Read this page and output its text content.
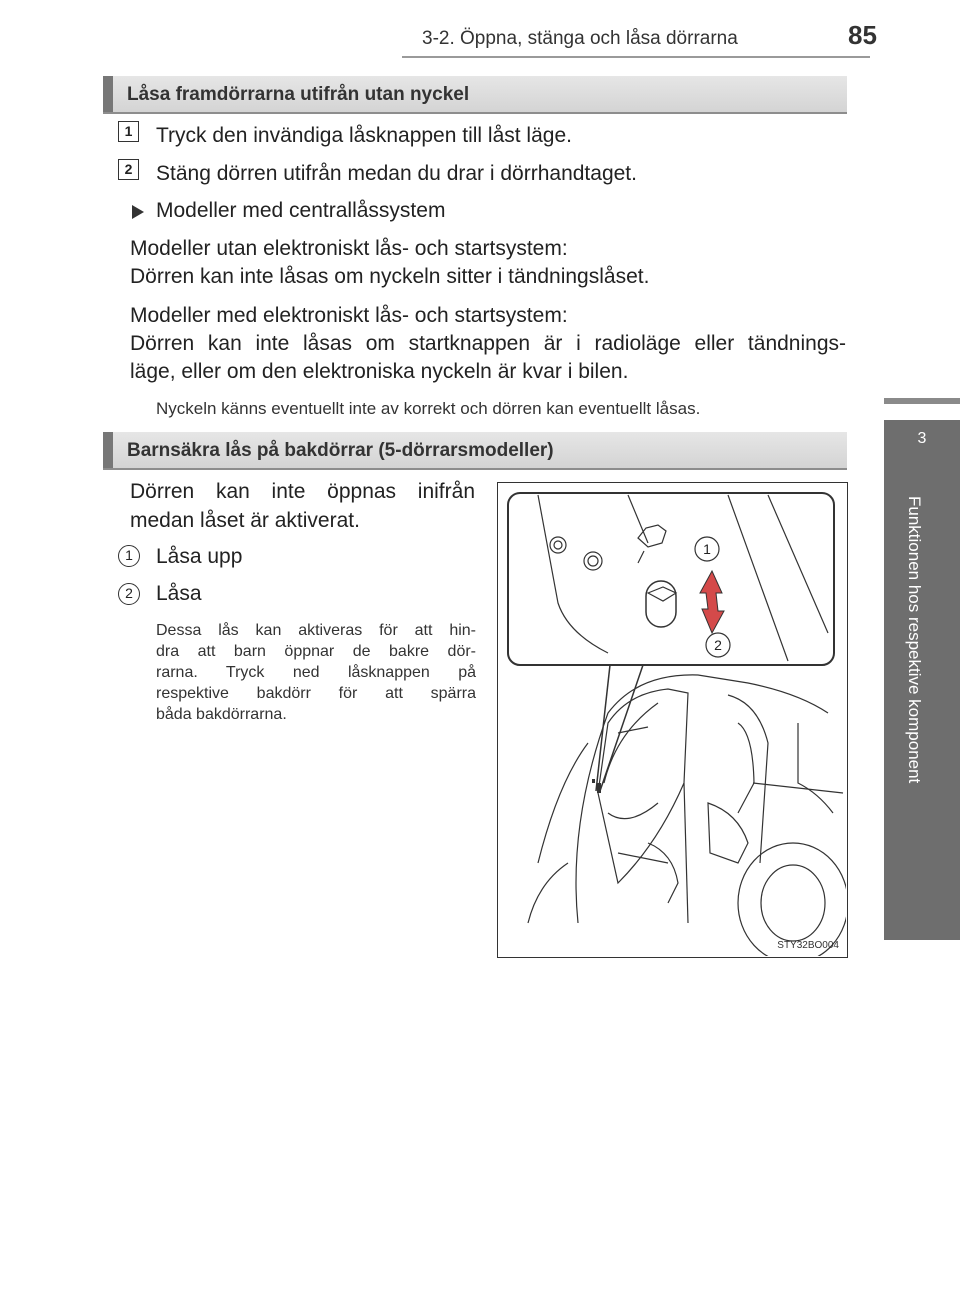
3-2. Öppna, stänga och låsa dörrarna	85
3
Funktionen hos respektive komponent
Låsa framdörrarna utifrån utan nyckel
1	Tryck den invändiga låsknappen till låst läge.
2	Stäng dörren utifrån medan du drar i dörrhandtaget.
Modeller med centrallåssystem
Modeller utan elektroniskt lås- och startsystem:
Dörren kan inte låsas om nyckeln sitter i tändningslåset.
Modeller med elektroniskt lås- och startsystem:
Dörren kan inte låsas om startknappen är i radioläge eller tändnings-
läge, eller om den elektroniska nyckeln är kvar i bilen.
Nyckeln känns eventuellt inte av korrekt och dörren kan eventuellt låsas.
Barnsäkra lås på bakdörrar (5-dörrarsmodeller)
Dörren kan inte öppnas inifrån
medan låset är aktiverat.
1	Låsa upp
2	Låsa
Dessa lås kan aktiveras för att hin-
dra att barn öppnar de bakre dör-
rarna. Tryck ned låsknappen på
respektive bakdörr för att spärra
båda bakdörrarna.
1
2
STY32BO004
